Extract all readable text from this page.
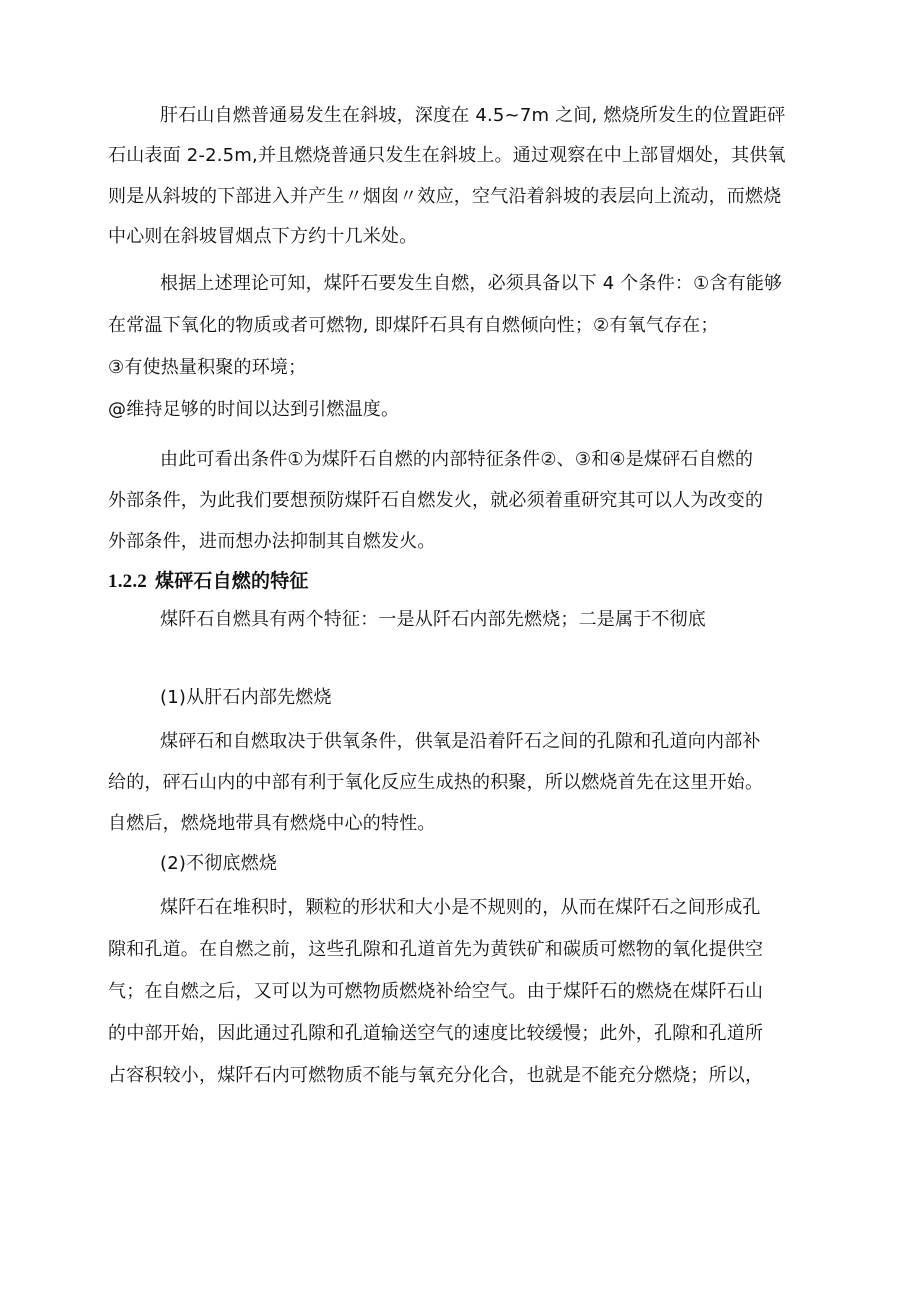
肝石山自燃普通易发生在斜坡，深度在 4.5~7m 之间, 燃烧所发生的位置距砰
石山表面 2-2.5m,并且燃烧普通只发生在斜坡上。通过观察在中上部冒烟处，其供氧
则是从斜坡的下部进入并产生〃烟囱〃效应，空气沿着斜坡的表层向上流动，而燃烧
中心则在斜坡冒烟点下方约十几米处。
根据上述理论可知，煤阡石要发生自燃，必须具备以下 4 个条件：①含有能够
在常温下氧化的物质或者可燃物, 即煤阡石具有自燃倾向性；②有氧气存在；
③有使热量积聚的环境；
@维持足够的时间以达到引燃温度。
由此可看出条件①为煤阡石自燃的内部特征条件②、③和④是煤砰石自燃的
外部条件，为此我们要想预防煤阡石自燃发火，就必须着重研究其可以人为改变的
外部条件，进而想办法抑制其自燃发火。
1.2.2 煤砰石自燃的特征
煤阡石自燃具有两个特征：一是从阡石内部先燃烧；二是属于不彻底
(1)从肝石内部先燃烧
煤砰石和自燃取决于供氧条件，供氧是沿着阡石之间的孔隙和孔道向内部补
给的，砰石山内的中部有利于氧化反应生成热的积聚，所以燃烧首先在这里开始。
自燃后，燃烧地带具有燃烧中心的特性。
(2)不彻底燃烧
煤阡石在堆积时，颗粒的形状和大小是不规则的，从而在煤阡石之间形成孔
隙和孔道。在自燃之前，这些孔隙和孔道首先为黄铁矿和碳质可燃物的氧化提供空
气；在自燃之后，又可以为可燃物质燃烧补给空气。由于煤阡石的燃烧在煤阡石山
的中部开始，因此通过孔隙和孔道输送空气的速度比较缓慢；此外，孔隙和孔道所
占容积较小，煤阡石内可燃物质不能与氧充分化合，也就是不能充分燃烧；所以，
